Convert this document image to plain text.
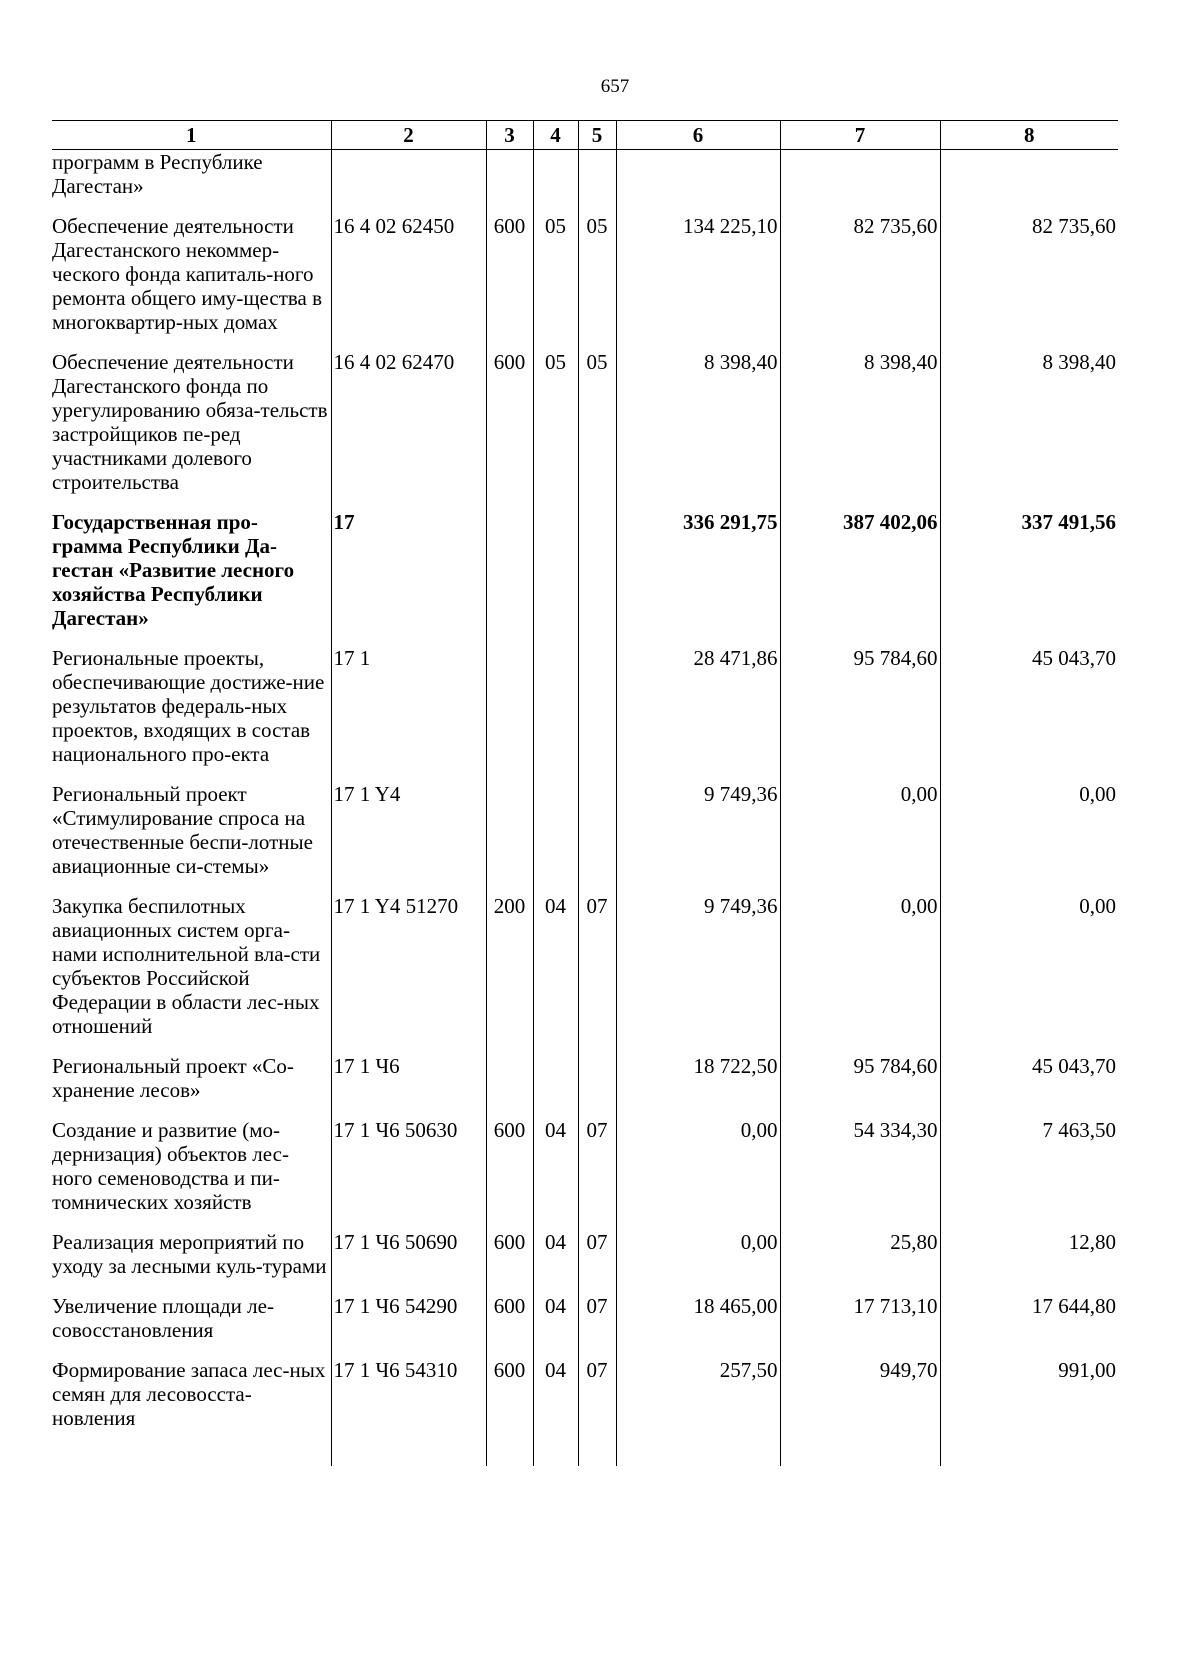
657
1	2	3	4	5	6	7	8
программ в Республике Дагестан»							
Обеспечение деятельности Дагестанского некоммер-ческого фонда капиталь-ного ремонта общего иму-щества в многоквартир-ных домах	16 4 02 62450	600	05	05	134 225,10	82 735,60	82 735,60
Обеспечение деятельности Дагестанского фонда по урегулированию обяза-тельств застройщиков пе-ред участниками долевого строительства	16 4 02 62470	600	05	05	8 398,40	8 398,40	8 398,40
Государственная про-грамма Республики Да-гестан «Развитие лесного хозяйства Республики Дагестан»	17				336 291,75	387 402,06	337 491,56
Региональные проекты, обеспечивающие достиже-ние результатов федераль-ных проектов, входящих в состав национального про-екта	17 1				28 471,86	95 784,60	45 043,70
Региональный проект «Стимулирование спроса на отечественные беспи-лотные авиационные си-стемы»	17 1 Y4				9 749,36	0,00	0,00
Закупка беспилотных авиационных систем орга-нами исполнительной вла-сти субъектов Российской Федерации в области лес-ных отношений	17 1 Y4 51270	200	04	07	9 749,36	0,00	0,00
Региональный проект «Со-хранение лесов»	17 1 Ч6				18 722,50	95 784,60	45 043,70
Создание и развитие (мо-дернизация) объектов лес-ного семеноводства и пи-томнических хозяйств	17 1 Ч6 50630	600	04	07	0,00	54 334,30	7 463,50
Реализация мероприятий по уходу за лесными куль-турами	17 1 Ч6 50690	600	04	07	0,00	25,80	12,80
Увеличение площади ле-совосстановления	17 1 Ч6 54290	600	04	07	18 465,00	17 713,10	17 644,80
Формирование запаса лес-ных семян для лесовосста-новления	17 1 Ч6 54310	600	04	07	257,50	949,70	991,00
